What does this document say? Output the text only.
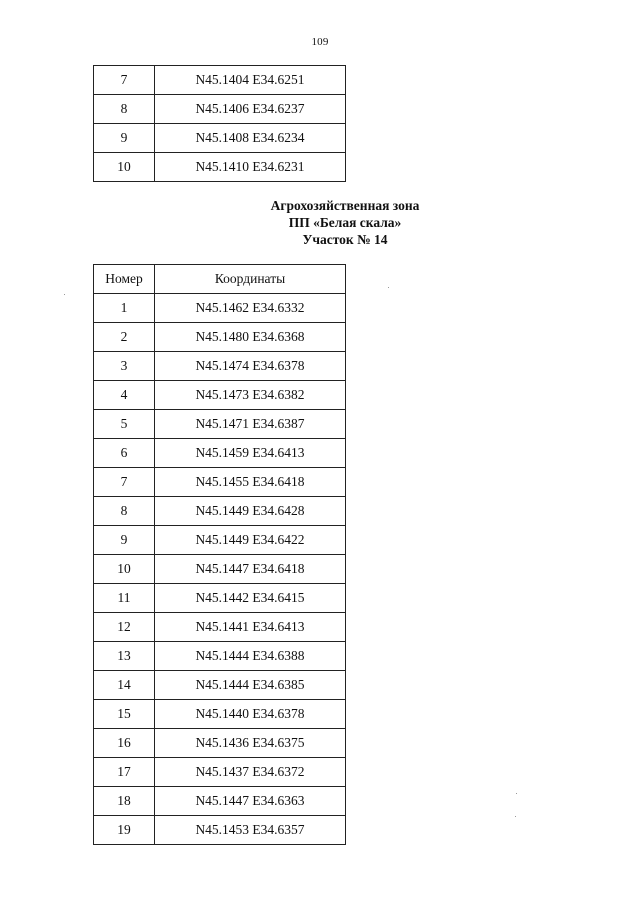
109
7	N45.1404 E34.6251
8	N45.1406 E34.6237
9	N45.1408 E34.6234
10	N45.1410 E34.6231
Агрохозяйственная зона
ПП «Белая скала»
Участок № 14
Номер	Координаты
1	N45.1462 E34.6332
2	N45.1480 E34.6368
3	N45.1474 E34.6378
4	N45.1473 E34.6382
5	N45.1471 E34.6387
6	N45.1459 E34.6413
7	N45.1455 E34.6418
8	N45.1449 E34.6428
9	N45.1449 E34.6422
10	N45.1447 E34.6418
11	N45.1442 E34.6415
12	N45.1441 E34.6413
13	N45.1444 E34.6388
14	N45.1444 E34.6385
15	N45.1440 E34.6378
16	N45.1436 E34.6375
17	N45.1437 E34.6372
18	N45.1447 E34.6363
19	N45.1453 E34.6357
